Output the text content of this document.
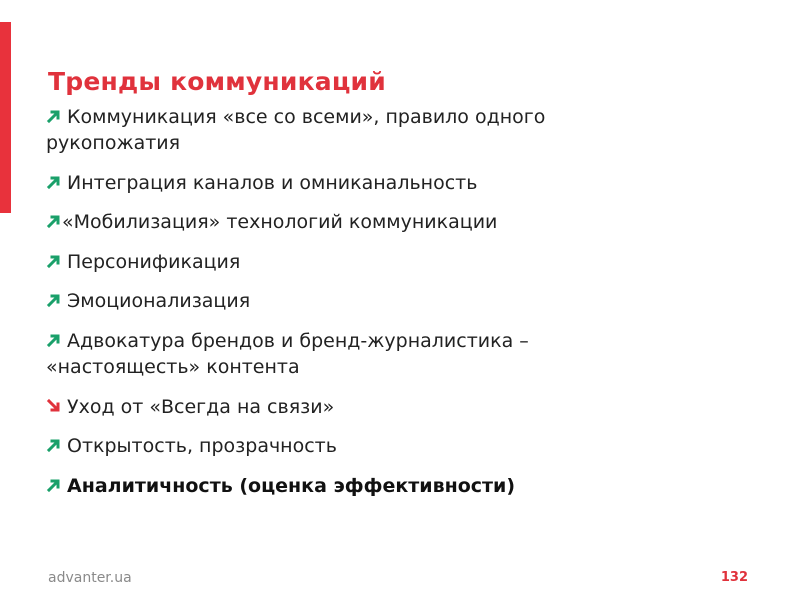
Тренды коммуникаций
Коммуникация «все со всеми», правило одного рукопожатия
Интеграция каналов и омниканальность
«Мобилизация» технологий коммуникации
Персонификация
Эмоционализация
Адвокатура брендов и бренд-журналистика – «настоящесть» контента
Уход от «Всегда на связи»
Открытость, прозрачность
Аналитичность (оценка эффективности)
advanter.ua	132
